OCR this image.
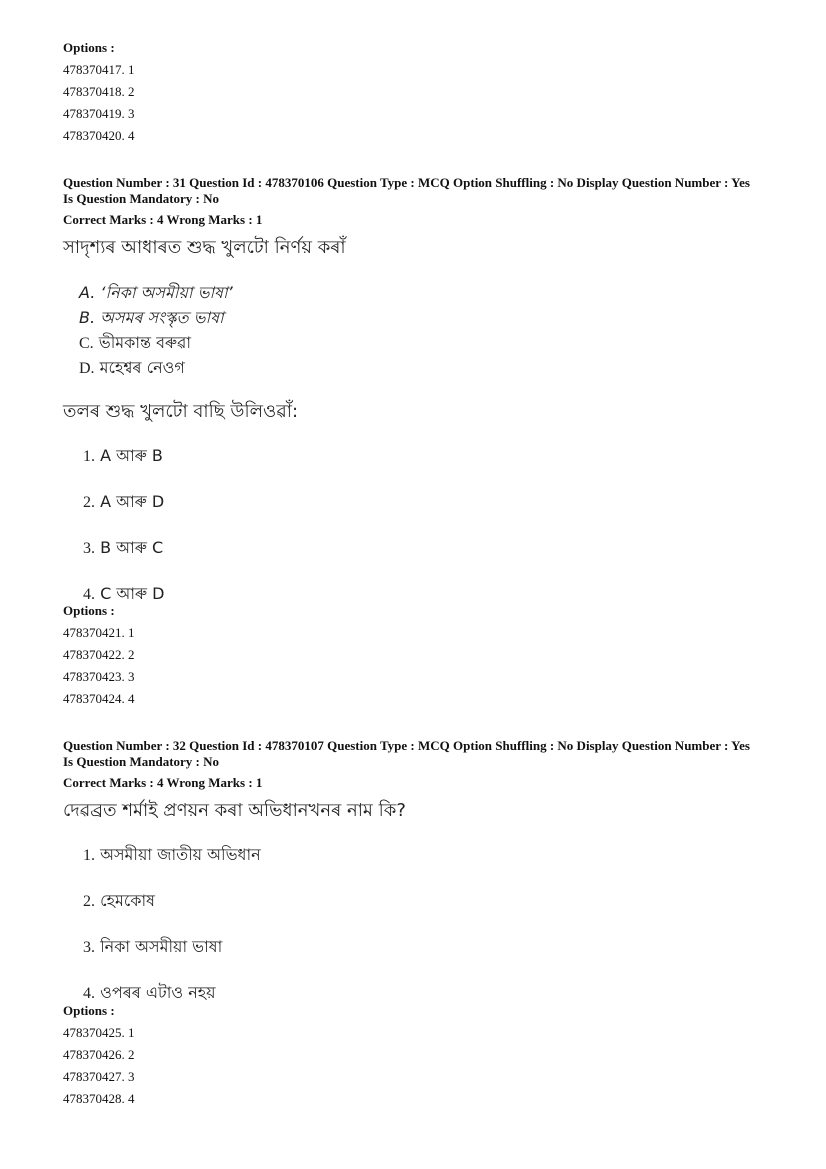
Options :
478370417. 1
478370418. 2
478370419. 3
478370420. 4
Question Number : 31 Question Id : 478370106 Question Type : MCQ Option Shuffling : No Display Question Number : Yes Is Question Mandatory : No
Correct Marks : 4 Wrong Marks : 1
সাদৃশ্যৰ আধাৰত শুদ্ধ খুলটো নিৰ্ণয় কৰাঁ
A. ‘নিকা অসমীয়া ভাষা’
B. অসমৰ সংস্কৃত ভাষা
C. ভীমকান্ত বৰুৱা
D. মহেশ্বৰ নেওগ
তলৰ শুদ্ধ খুলটো বাছি উলিওৱাঁ:
1. A আৰু B
2. A আৰু D
3. B আৰু C
4. C আৰু D
Options :
478370421. 1
478370422. 2
478370423. 3
478370424. 4
Question Number : 32 Question Id : 478370107 Question Type : MCQ Option Shuffling : No Display Question Number : Yes Is Question Mandatory : No
Correct Marks : 4 Wrong Marks : 1
দেৱব্ৰত শৰ্মাই প্ৰণয়ন কৰা অভিধানখনৰ নাম কি?
1. অসমীয়া জাতীয় অভিধান
2. হেমকোষ
3. নিকা অসমীয়া ভাষা
4. ওপৰৰ এটাও নহয়
Options :
478370425. 1
478370426. 2
478370427. 3
478370428. 4
